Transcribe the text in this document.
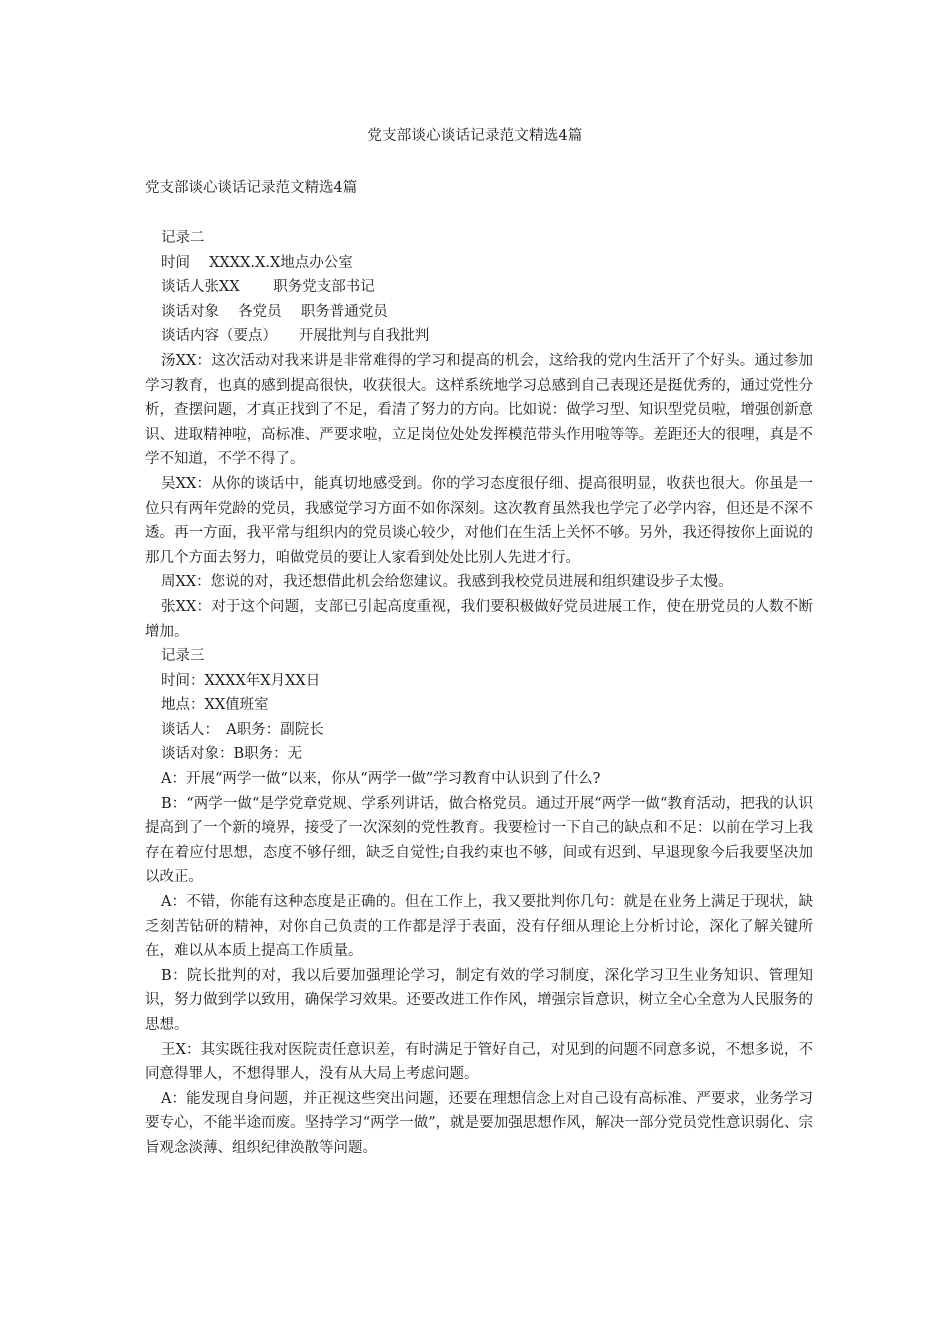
党支部谈心谈话记录范文精选4篇
党支部谈心谈话记录范文精选4篇

记录二

时间　 XXXX.X.X地点办公室

谈话人张XX　　 职务党支部书记

谈话对象　 各党员　 职务普通党员

谈话内容（要点）　　开展批判与自我批判

汤XX：这次活动对我来讲是非常难得的学习和提高的机会，这给我的党内生活开了个好头。通过参加学习教育，也真的感到提高很快，收获很大。这样系统地学习总感到自己表现还是挺优秀的，通过党性分析，查摆问题，才真正找到了不足，看清了努力的方向。比如说：做学习型、知识型党员啦，增强创新意识、进取精神啦，高标准、严要求啦，立足岗位处处发挥模范带头作用啦等等。差距还大的很哩，真是不学不知道，不学不得了。

吴XX：从你的谈话中，能真切地感受到。你的学习态度很仔细、提高很明显，收获也很大。你虽是一位只有两年党龄的党员，我感觉学习方面不如你深刻。这次教育虽然我也学完了必学内容，但还是不深不透。再一方面，我平常与组织内的党员谈心较少，对他们在生活上关怀不够。另外，我还得按你上面说的那几个方面去努力，咱做党员的要让人家看到处处比别人先进才行。

周XX：您说的对，我还想借此机会给您建议。我感到我校党员进展和组织建设步子太慢。

张XX：对于这个问题，支部已引起高度重视，我们要积极做好党员进展工作，使在册党员的人数不断增加。

记录三

时间：XXXX年X月XX日

地点：XX值班室

谈话人：　A职务：副院长

谈话对象：B职务：无

A：开展“两学一做“以来，你从“两学一做”学习教育中认识到了什么?

B：“两学一做“是学党章党规、学系列讲话，做合格党员。通过开展“两学一做“教育活动，把我的认识提高到了一个新的境界，接受了一次深刻的党性教育。我要检讨一下自己的缺点和不足：以前在学习上我存在着应付思想，态度不够仔细，缺乏自觉性;自我约束也不够，间或有迟到、早退现象今后我要坚决加以改正。

A：不错，你能有这种态度是正确的。但在工作上，我又要批判你几句：就是在业务上满足于现状，缺乏刻苦钻研的精神，对你自己负责的工作都是浮于表面，没有仔细从理论上分析讨论，深化了解关键所在，难以从本质上提高工作质量。

B：院长批判的对，我以后要加强理论学习，制定有效的学习制度，深化学习卫生业务知识、管理知识，努力做到学以致用，确保学习效果。还要改进工作作风，增强宗旨意识，树立全心全意为人民服务的思想。

王X：其实既往我对医院责任意识差，有时满足于管好自己，对见到的问题不同意多说，不想多说，不同意得罪人，不想得罪人，没有从大局上考虑问题。

A：能发现自身问题，并正视这些突出问题，还要在理想信念上对自己设有高标准、严要求，业务学习要专心，不能半途而废。坚持学习“两学一做”，就是要加强思想作风，解决一部分党员党性意识弱化、宗旨观念淡薄、组织纪律涣散等问题。
